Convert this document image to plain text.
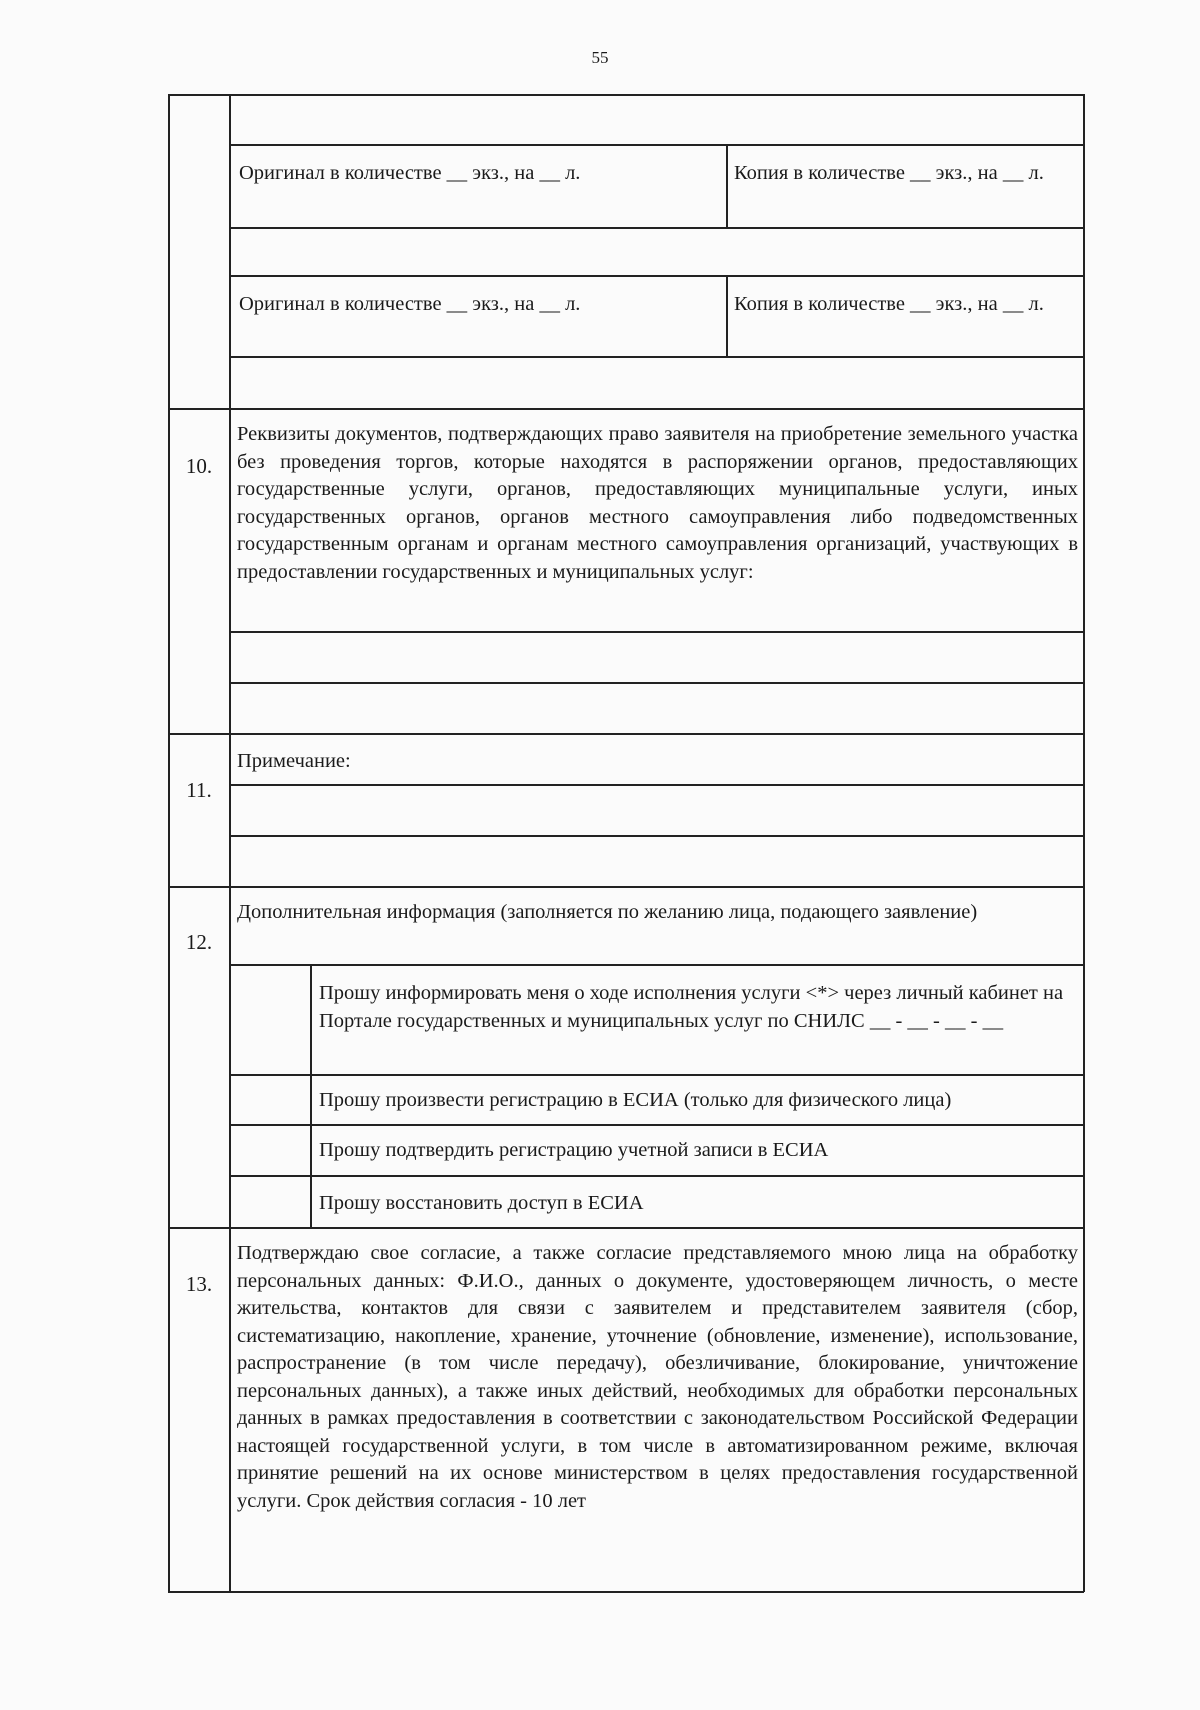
55
Оригинал в количестве __ экз., на __ л.	Копия в количестве __ экз., на __ л.
Оригинал в количестве __ экз., на __ л.	Копия в количестве __ экз., на __ л.
10.
Реквизиты документов, подтверждающих право заявителя на приобретение земельного участка без проведения торгов, которые находятся в распоряжении органов, предоставляющих государственные услуги, органов, предоставляющих муниципальные услуги, иных государственных органов, органов местного самоуправления либо подведомственных государственным органам и органам местного самоуправления организаций, участвующих в предоставлении государственных и муниципальных услуг:
11.
Примечание:
12.
Дополнительная информация (заполняется по желанию лица, подающего заявление)
Прошу информировать меня о ходе исполнения услуги <*> через личный кабинет на Портале государственных и муниципальных услуг по СНИЛС __ - __ - __ - __
Прошу произвести регистрацию в ЕСИА (только для физического лица)
Прошу подтвердить регистрацию учетной записи в ЕСИА
Прошу восстановить доступ в ЕСИА
13.
Подтверждаю свое согласие, а также согласие представляемого мною лица на обработку персональных данных: Ф.И.О., данных о документе, удостоверяющем личность, о месте жительства, контактов для связи с заявителем и представителем заявителя (сбор, систематизацию, накопление, хранение, уточнение (обновление, изменение), использование, распространение (в том числе передачу), обезличивание, блокирование, уничтожение персональных данных), а также иных действий, необходимых для обработки персональных данных в рамках предоставления в соответствии с законодательством Российской Федерации настоящей государственной услуги, в том числе в автоматизированном режиме, включая принятие решений на их основе министерством в целях предоставления государственной услуги. Срок действия согласия - 10 лет
